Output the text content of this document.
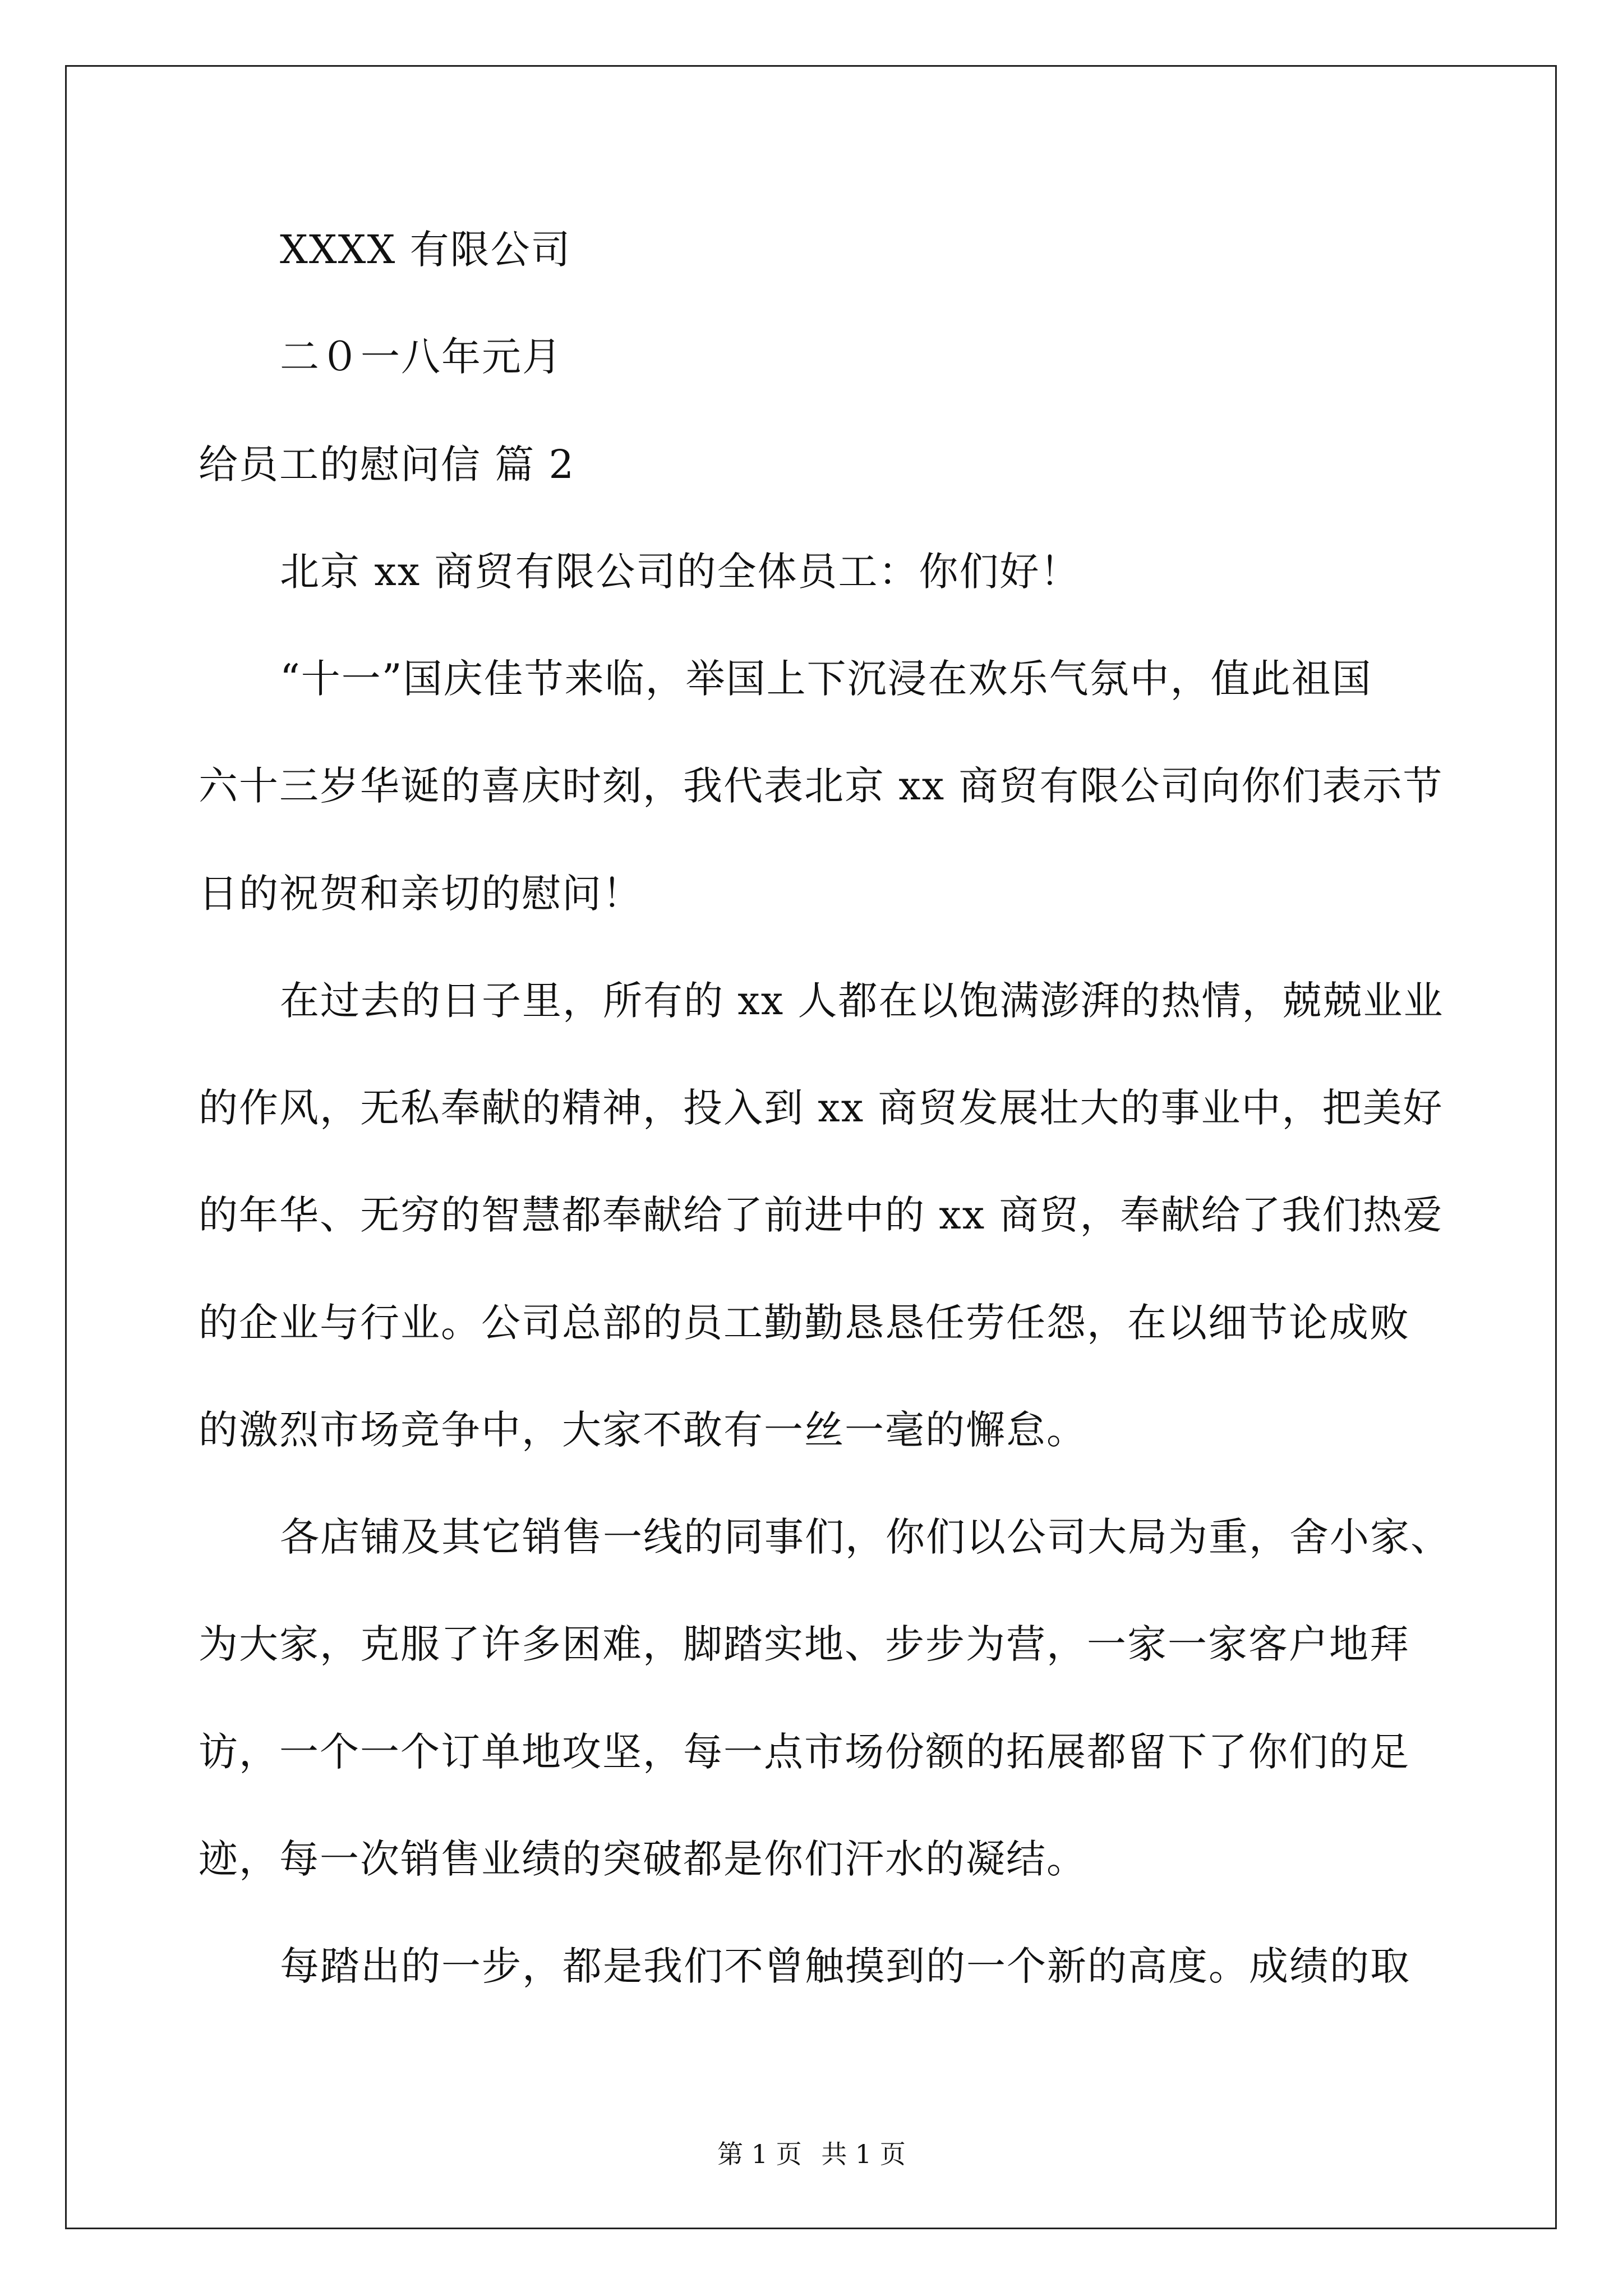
XXXX 有限公司
二０一八年元月
给员工的慰问信 篇 2
北京 xx 商贸有限公司的全体员工：你们好！
“十一”国庆佳节来临，举国上下沉浸在欢乐气氛中，值此祖国
六十三岁华诞的喜庆时刻，我代表北京 xx 商贸有限公司向你们表示节
日的祝贺和亲切的慰问！
在过去的日子里，所有的 xx 人都在以饱满澎湃的热情，兢兢业业
的作风，无私奉献的精神，投入到 xx 商贸发展壮大的事业中，把美好
的年华、无穷的智慧都奉献给了前进中的 xx 商贸，奉献给了我们热爱
的企业与行业。公司总部的员工勤勤恳恳任劳任怨，在以细节论成败
的激烈市场竞争中，大家不敢有一丝一毫的懈怠。
各店铺及其它销售一线的同事们，你们以公司大局为重，舍小家、
为大家，克服了许多困难，脚踏实地、步步为营，一家一家客户地拜
访，一个一个订单地攻坚，每一点市场份额的拓展都留下了你们的足
迹，每一次销售业绩的突破都是你们汗水的凝结。
每踏出的一步，都是我们不曾触摸到的一个新的高度。成绩的取
第 1 页 共 1 页
